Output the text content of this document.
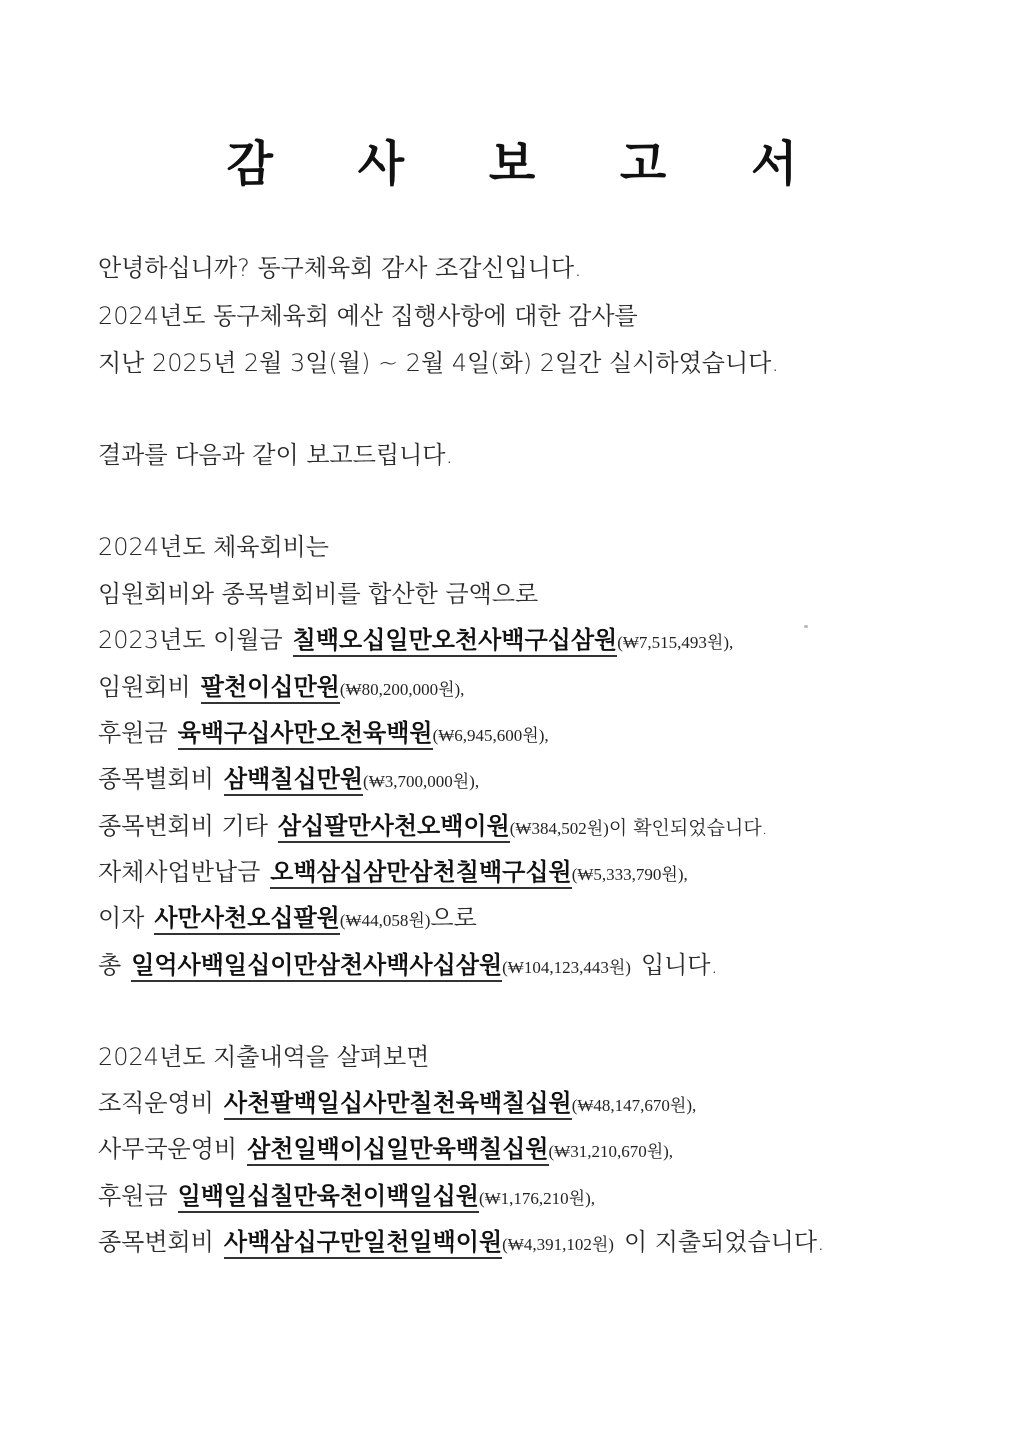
감 사 보 고 서
안녕하십니까? 동구체육회 감사 조갑신입니다.
2024년도 동구체육회 예산 집행사항에 대한 감사를
지난 2025년 2월 3일(월) ~ 2월 4일(화) 2일간 실시하였습니다.
결과를 다음과 같이 보고드립니다.
2024년도 체육회비는
임원회비와 종목별회비를 합산한 금액으로
2023년도 이월금 칠백오십일만오천사백구십삼원(₩7,515,493원),
임원회비 팔천이십만원(₩80,200,000원),
후원금 육백구십사만오천육백원(₩6,945,600원),
종목별회비 삼백칠십만원(₩3,700,000원),
종목변회비 기타 삼십팔만사천오백이원(₩384,502원)이 확인되었습니다.
자체사업반납금 오백삼십삼만삼천칠백구십원(₩5,333,790원),
이자 사만사천오십팔원(₩44,058원)으로
총 일억사백일십이만삼천사백사십삼원(₩104,123,443원) 입니다.
2024년도 지출내역을 살펴보면
조직운영비 사천팔백일십사만칠천육백칠십원(₩48,147,670원),
사무국운영비 삼천일백이십일만육백칠십원(₩31,210,670원),
후원금 일백일십칠만육천이백일십원(₩1,176,210원),
종목변회비 사백삼십구만일천일백이원(₩4,391,102원) 이 지출되었습니다.
